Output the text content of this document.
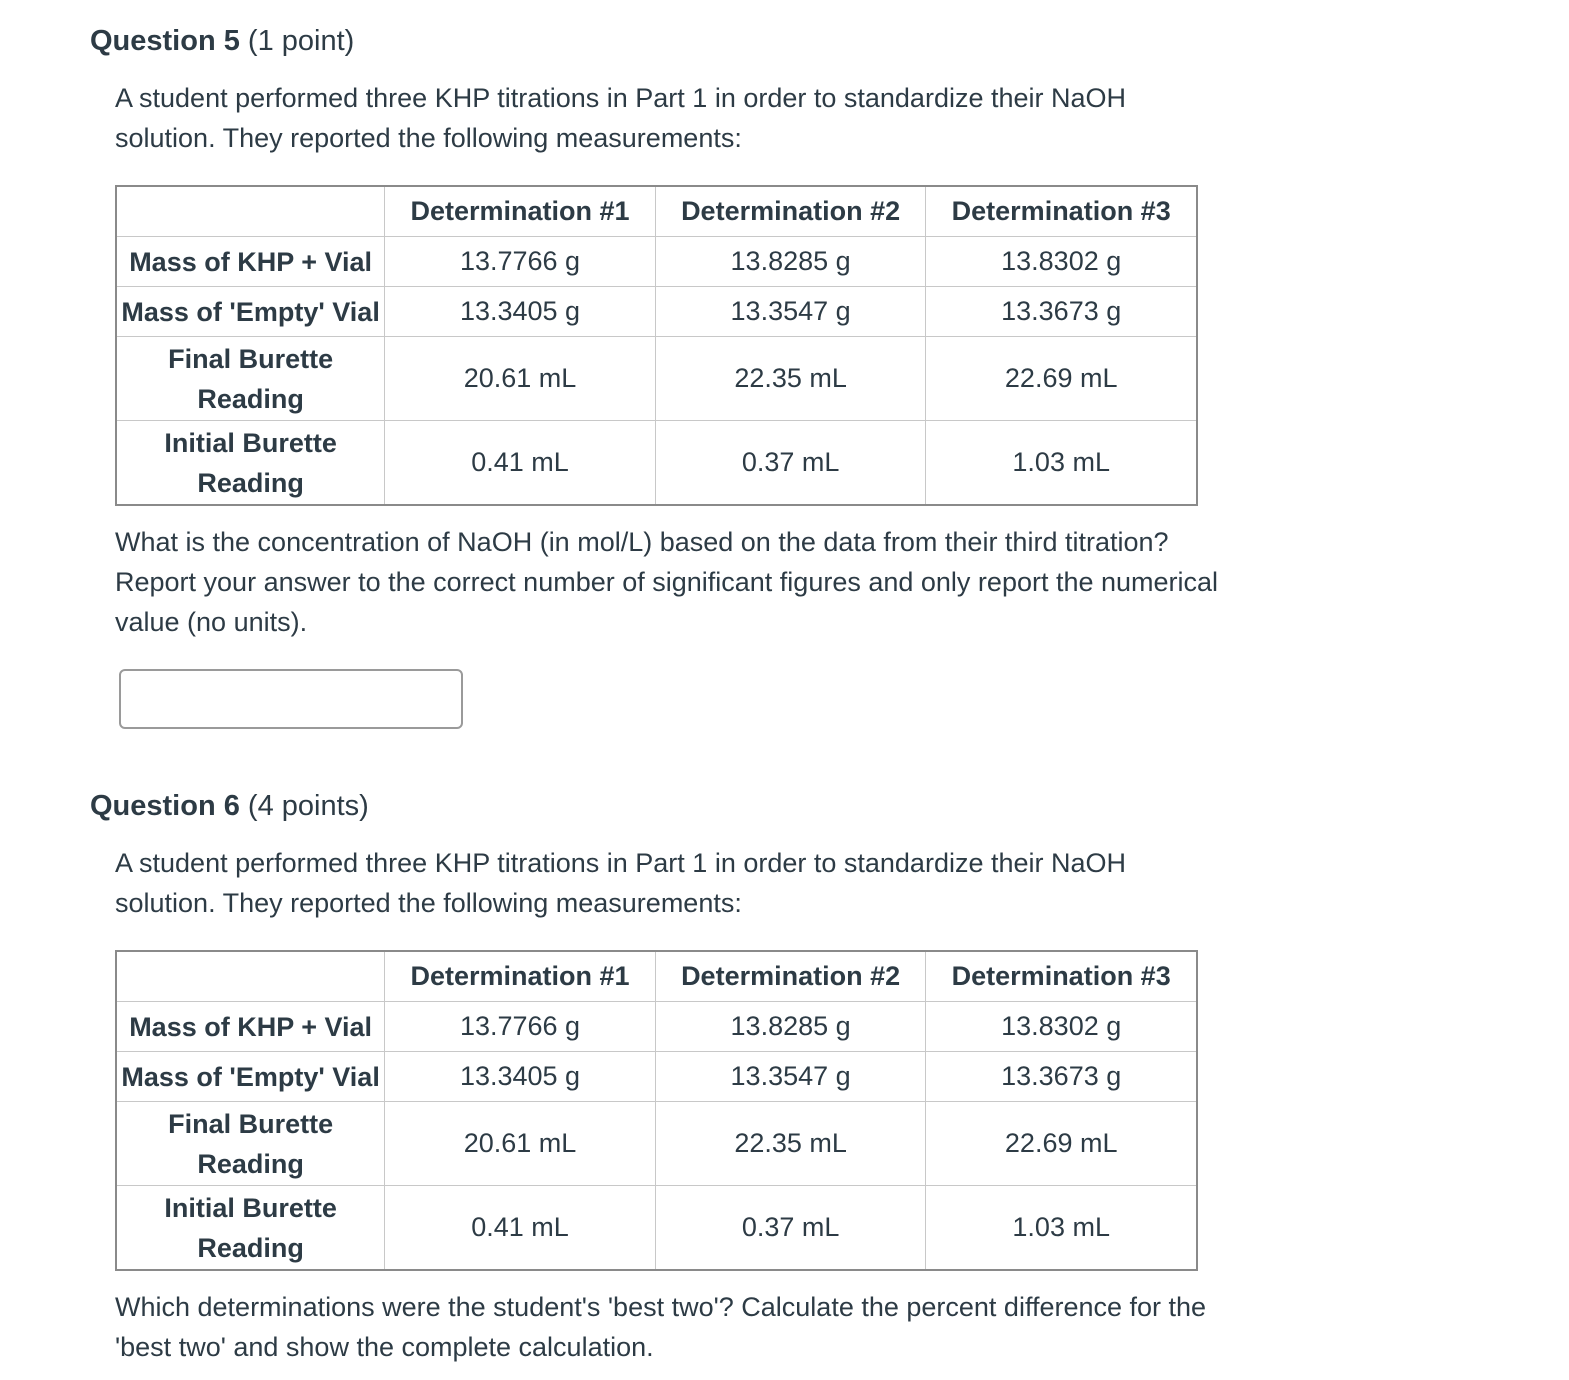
Question 5 (1 point)
A student performed three KHP titrations in Part 1 in order to standardize their NaOH solution. They reported the following measurements:
	Determination #1	Determination #2	Determination #3
Mass of KHP + Vial	13.7766 g	13.8285 g	13.8302 g
Mass of 'Empty' Vial	13.3405 g	13.3547 g	13.3673 g
Final Burette Reading	20.61 mL	22.35 mL	22.69 mL
Initial Burette Reading	0.41 mL	0.37 mL	1.03 mL
What is the concentration of NaOH (in mol/L) based on the data from their third titration? Report your answer to the correct number of significant figures and only report the numerical value (no units).
Question 6 (4 points)
A student performed three KHP titrations in Part 1 in order to standardize their NaOH solution. They reported the following measurements:
	Determination #1	Determination #2	Determination #3
Mass of KHP + Vial	13.7766 g	13.8285 g	13.8302 g
Mass of 'Empty' Vial	13.3405 g	13.3547 g	13.3673 g
Final Burette Reading	20.61 mL	22.35 mL	22.69 mL
Initial Burette Reading	0.41 mL	0.37 mL	1.03 mL
Which determinations were the student's 'best two'? Calculate the percent difference for the 'best two' and show the complete calculation.
